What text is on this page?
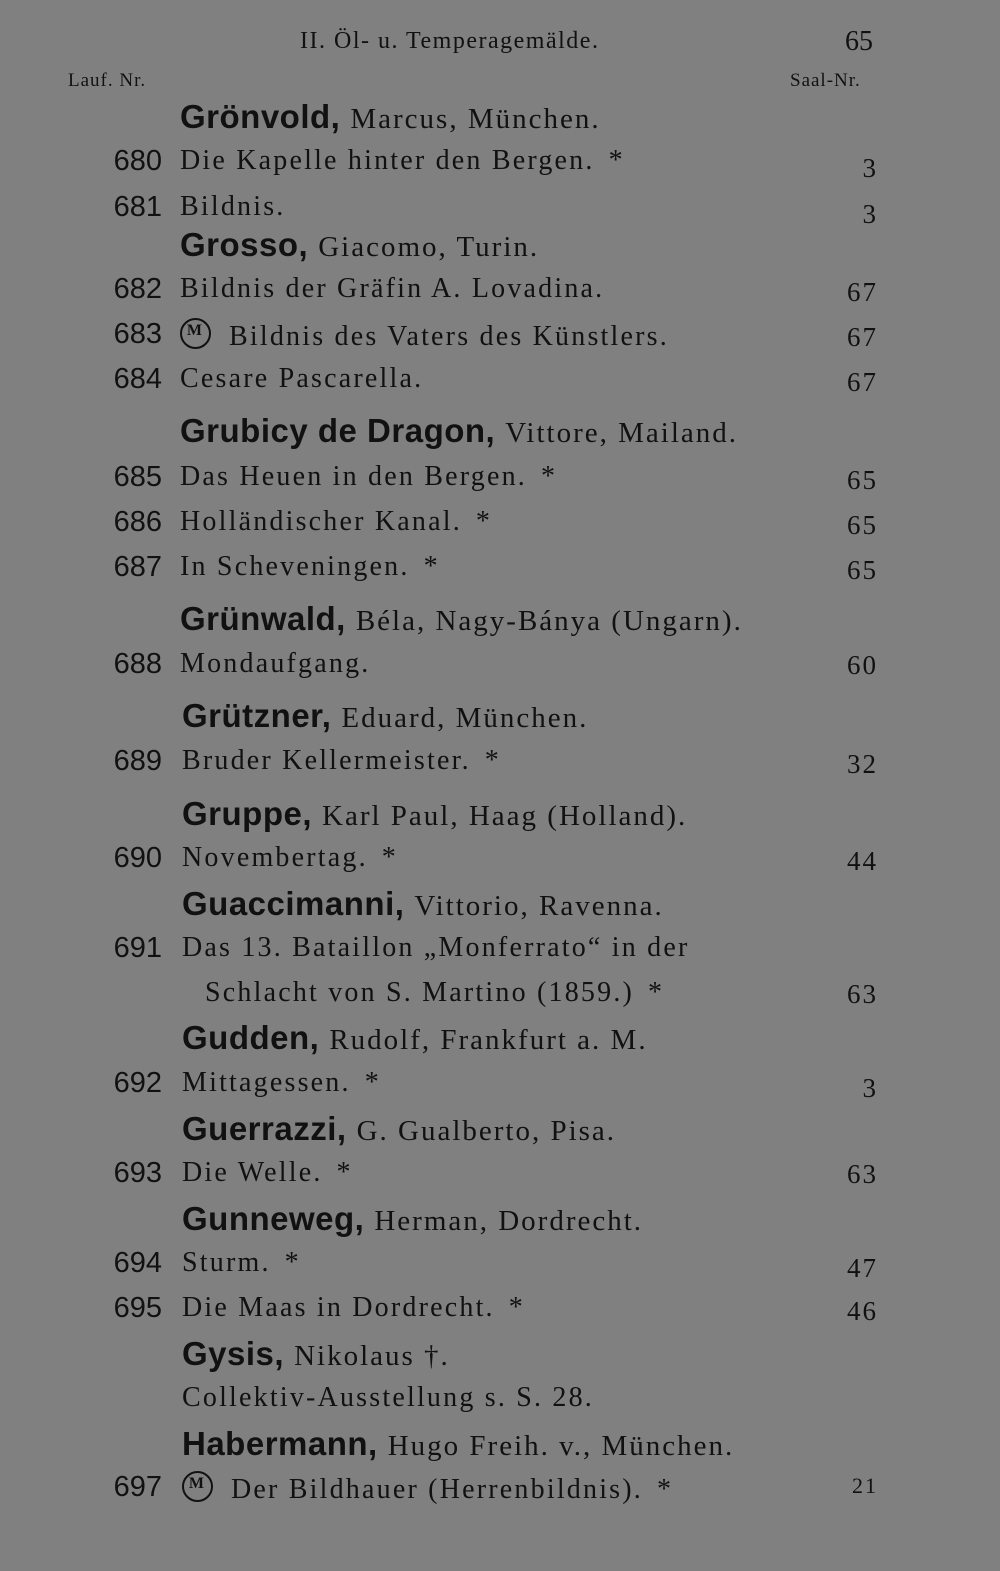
II. Öl- u. Temperagemälde.	65
Lauf. Nr.	Saal-Nr.
Grönvold, Marcus, München.
680 Die Kapelle hinter den Bergen. *	3
681 Bildnis.	3
Grosso, Giacomo, Turin.
682 Bildnis der Gräfin A. Lovadina.	67
683 M	Bildnis des Vaters des Künstlers.	67
684 Cesare Pascarella.	67
Grubicy de Dragon, Vittore, Mailand.
685 Das Heuen in den Bergen. *	65
686 Holländischer Kanal. *	65
687 In Scheveningen. *	65
Grünwald, Béla, Nagy-Bánya (Ungarn).
688 Mondaufgang.	60
Grützner, Eduard, München.
689 Bruder Kellermeister. *	32
Gruppe, Karl Paul, Haag (Holland).
690 Novembertag. *	44
Guaccimanni, Vittorio, Ravenna.
691 Das 13. Bataillon „Monferrato“ in der
Schlacht von S. Martino (1859.) *	63
Gudden, Rudolf, Frankfurt a. M.
692 Mittagessen. *	3
Guerrazzi, G. Gualberto, Pisa.
693 Die Welle. *	63
Gunneweg, Herman, Dordrecht.
694 Sturm. *	47
695 Die Maas in Dordrecht. *	46
Gysis, Nikolaus †.
Collektiv-Ausstellung s. S. 28.
Habermann, Hugo Freih. v., München.
697 M	Der Bildhauer (Herrenbildnis). *	21
